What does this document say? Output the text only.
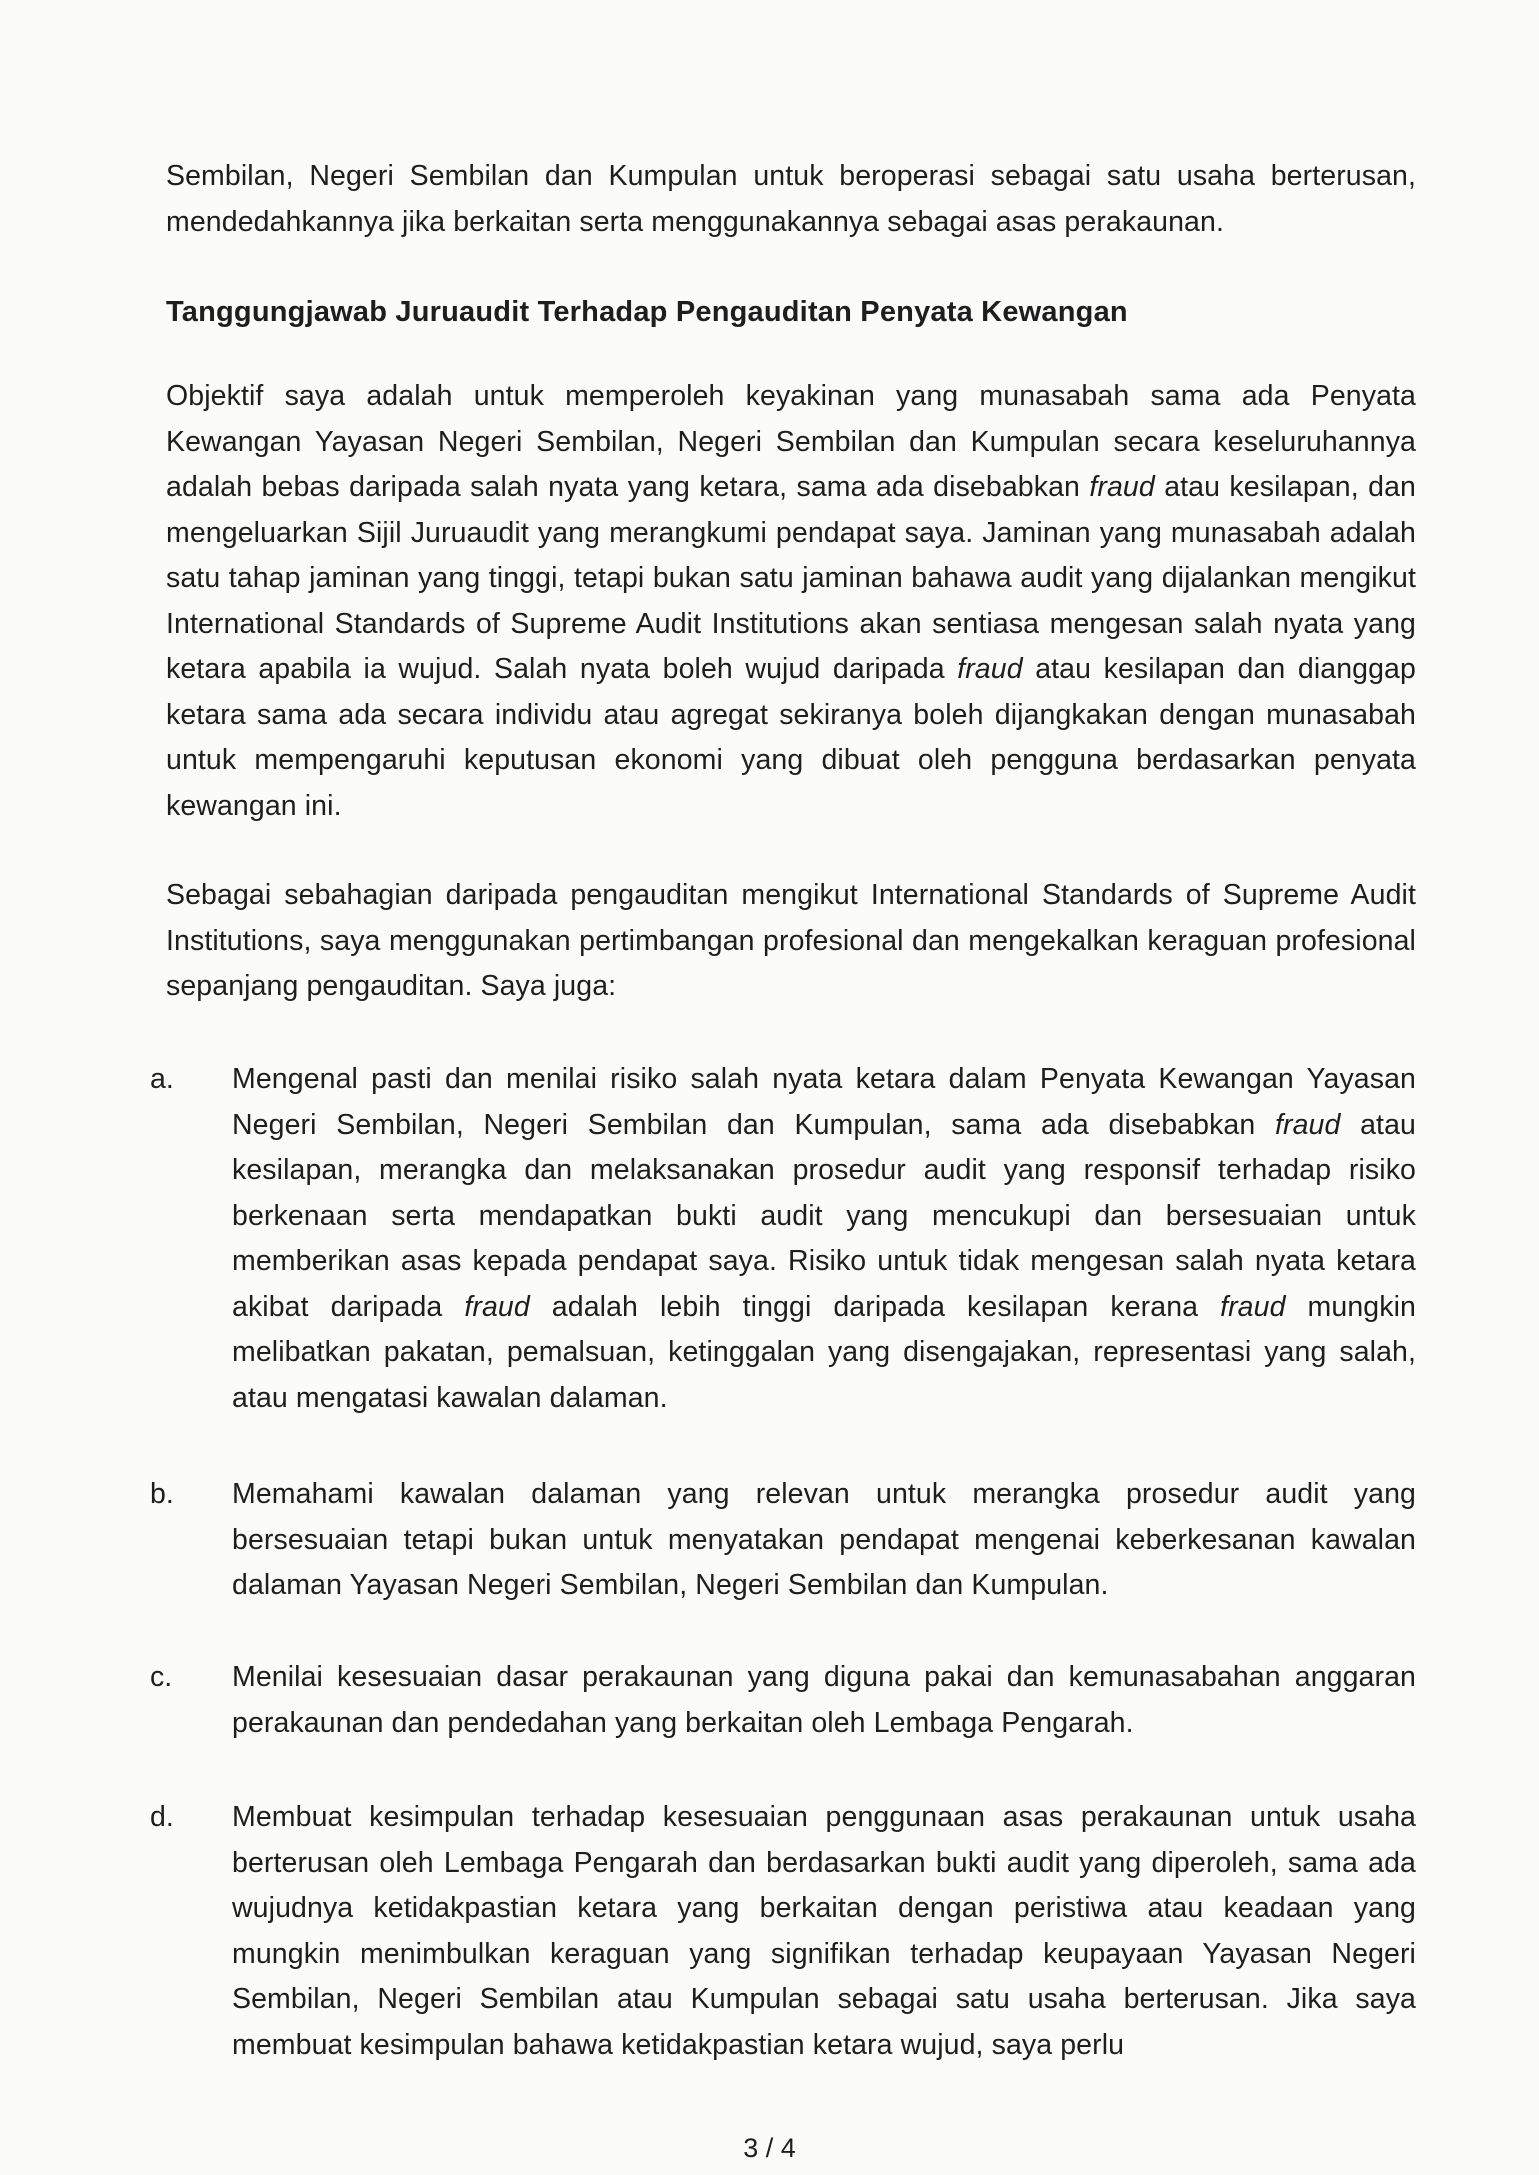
Sembilan, Negeri Sembilan dan Kumpulan untuk beroperasi sebagai satu usaha berterusan, mendedahkannya jika berkaitan serta menggunakannya sebagai asas perakaunan.

Tanggungjawab Juruaudit Terhadap Pengauditan Penyata Kewangan

Objektif saya adalah untuk memperoleh keyakinan yang munasabah sama ada Penyata Kewangan Yayasan Negeri Sembilan, Negeri Sembilan dan Kumpulan secara keseluruhannya adalah bebas daripada salah nyata yang ketara, sama ada disebabkan fraud atau kesilapan, dan mengeluarkan Sijil Juruaudit yang merangkumi pendapat saya. Jaminan yang munasabah adalah satu tahap jaminan yang tinggi, tetapi bukan satu jaminan bahawa audit yang dijalankan mengikut International Standards of Supreme Audit Institutions akan sentiasa mengesan salah nyata yang ketara apabila ia wujud. Salah nyata boleh wujud daripada fraud atau kesilapan dan dianggap ketara sama ada secara individu atau agregat sekiranya boleh dijangkakan dengan munasabah untuk mempengaruhi keputusan ekonomi yang dibuat oleh pengguna berdasarkan penyata kewangan ini.

Sebagai sebahagian daripada pengauditan mengikut International Standards of Supreme Audit Institutions, saya menggunakan pertimbangan profesional dan mengekalkan keraguan profesional sepanjang pengauditan. Saya juga:

a.	Mengenal pasti dan menilai risiko salah nyata ketara dalam Penyata Kewangan Yayasan Negeri Sembilan, Negeri Sembilan dan Kumpulan, sama ada disebabkan fraud atau kesilapan, merangka dan melaksanakan prosedur audit yang responsif terhadap risiko berkenaan serta mendapatkan bukti audit yang mencukupi dan bersesuaian untuk memberikan asas kepada pendapat saya. Risiko untuk tidak mengesan salah nyata ketara akibat daripada fraud adalah lebih tinggi daripada kesilapan kerana fraud mungkin melibatkan pakatan, pemalsuan, ketinggalan yang disengajakan, representasi yang salah, atau mengatasi kawalan dalaman.
b.	Memahami kawalan dalaman yang relevan untuk merangka prosedur audit yang bersesuaian tetapi bukan untuk menyatakan pendapat mengenai keberkesanan kawalan dalaman Yayasan Negeri Sembilan, Negeri Sembilan dan Kumpulan.
c.	Menilai kesesuaian dasar perakaunan yang diguna pakai dan kemunasabahan anggaran perakaunan dan pendedahan yang berkaitan oleh Lembaga Pengarah.
d.	Membuat kesimpulan terhadap kesesuaian penggunaan asas perakaunan untuk usaha berterusan oleh Lembaga Pengarah dan berdasarkan bukti audit yang diperoleh, sama ada wujudnya ketidakpastian ketara yang berkaitan dengan peristiwa atau keadaan yang mungkin menimbulkan keraguan yang signifikan terhadap keupayaan Yayasan Negeri Sembilan, Negeri Sembilan atau Kumpulan sebagai satu usaha berterusan. Jika saya membuat kesimpulan bahawa ketidakpastian ketara wujud, saya perlu
3 / 4
